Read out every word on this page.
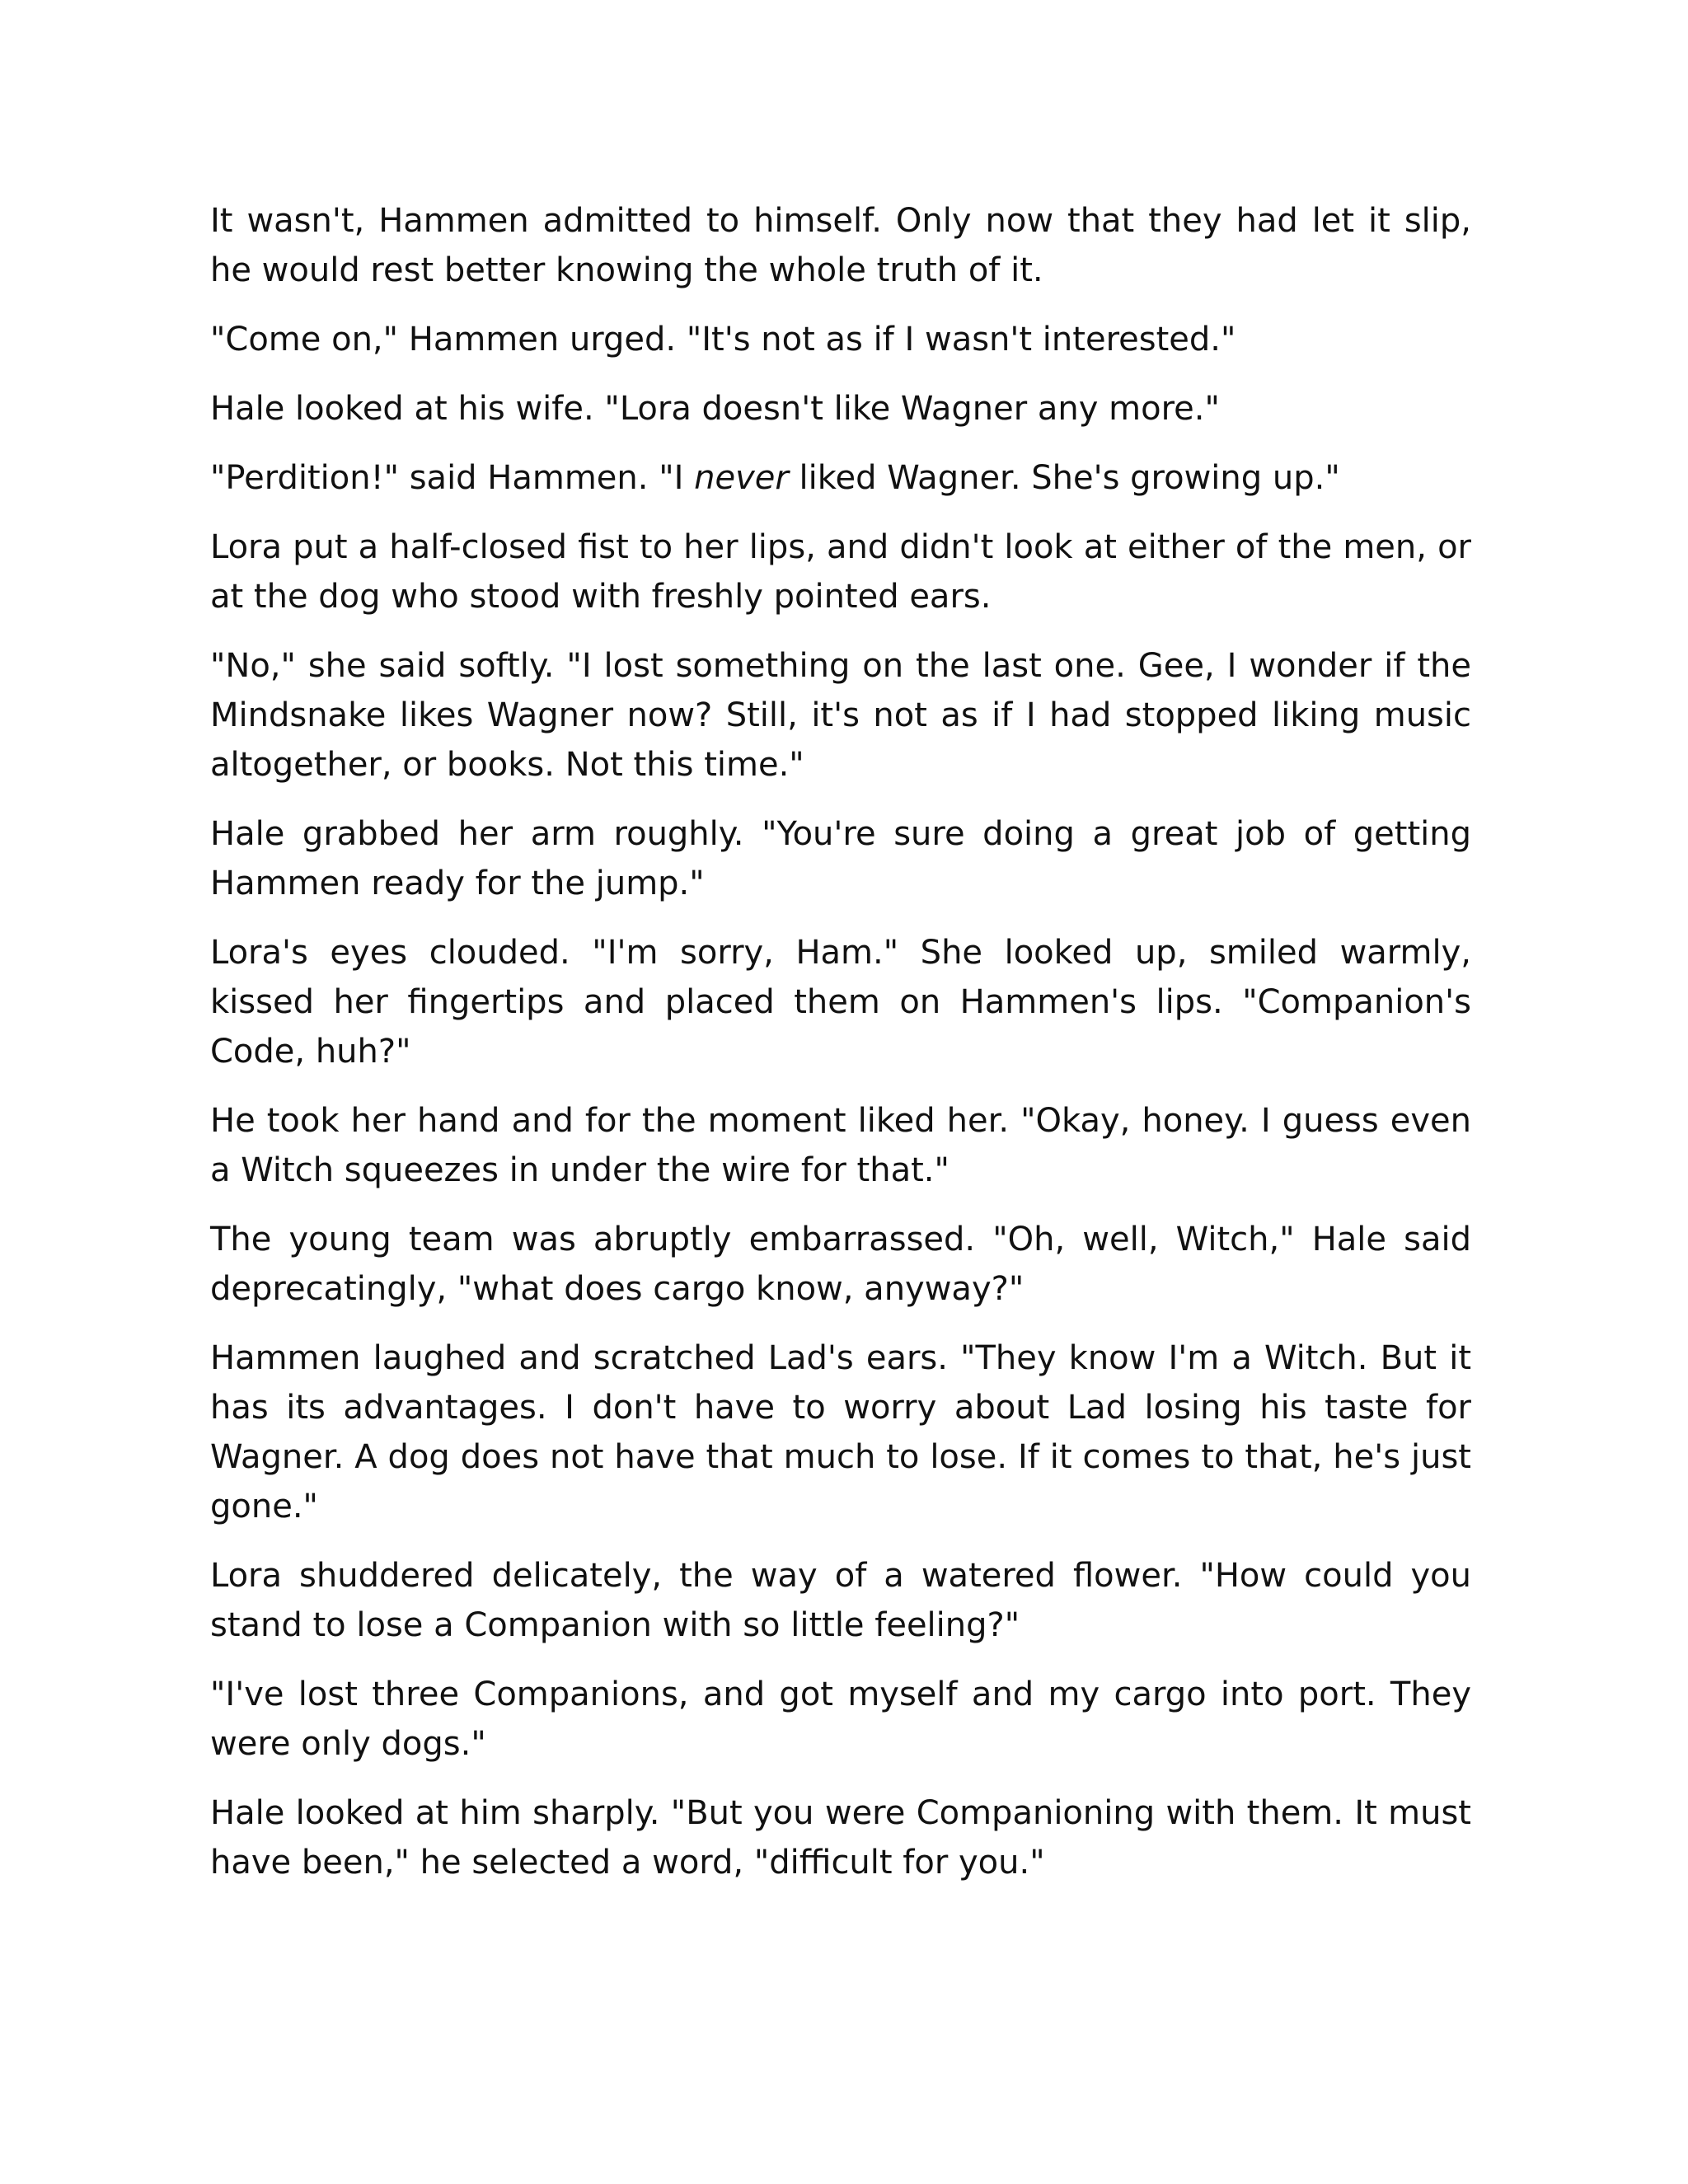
It wasn't, Hammen admitted to himself. Only now that they had let it slip, he would rest better knowing the whole truth of it.

"Come on," Hammen urged. "It's not as if I wasn't interested."

Hale looked at his wife. "Lora doesn't like Wagner any more."

"Perdition!" said Hammen. "I never liked Wagner. She's growing up."

Lora put a half-closed fist to her lips, and didn't look at either of the men, or at the dog who stood with freshly pointed ears.

"No," she said softly. "I lost something on the last one. Gee, I wonder if the Mindsnake likes Wagner now? Still, it's not as if I had stopped liking music altogether, or books. Not this time."

Hale grabbed her arm roughly. "You're sure doing a great job of getting Hammen ready for the jump."

Lora's eyes clouded. "I'm sorry, Ham." She looked up, smiled warmly, kissed her fingertips and placed them on Hammen's lips. "Companion's Code, huh?"

He took her hand and for the moment liked her. "Okay, honey. I guess even a Witch squeezes in under the wire for that."

The young team was abruptly embarrassed. "Oh, well, Witch," Hale said deprecatingly, "what does cargo know, anyway?"

Hammen laughed and scratched Lad's ears. "They know I'm a Witch. But it has its advantages. I don't have to worry about Lad losing his taste for Wagner. A dog does not have that much to lose. If it comes to that, he's just gone."

Lora shuddered delicately, the way of a watered flower. "How could you stand to lose a Companion with so little feeling?"

"I've lost three Companions, and got myself and my cargo into port. They were only dogs."

Hale looked at him sharply. "But you were Companioning with them. It must have been," he selected a word, "difficult for you."
